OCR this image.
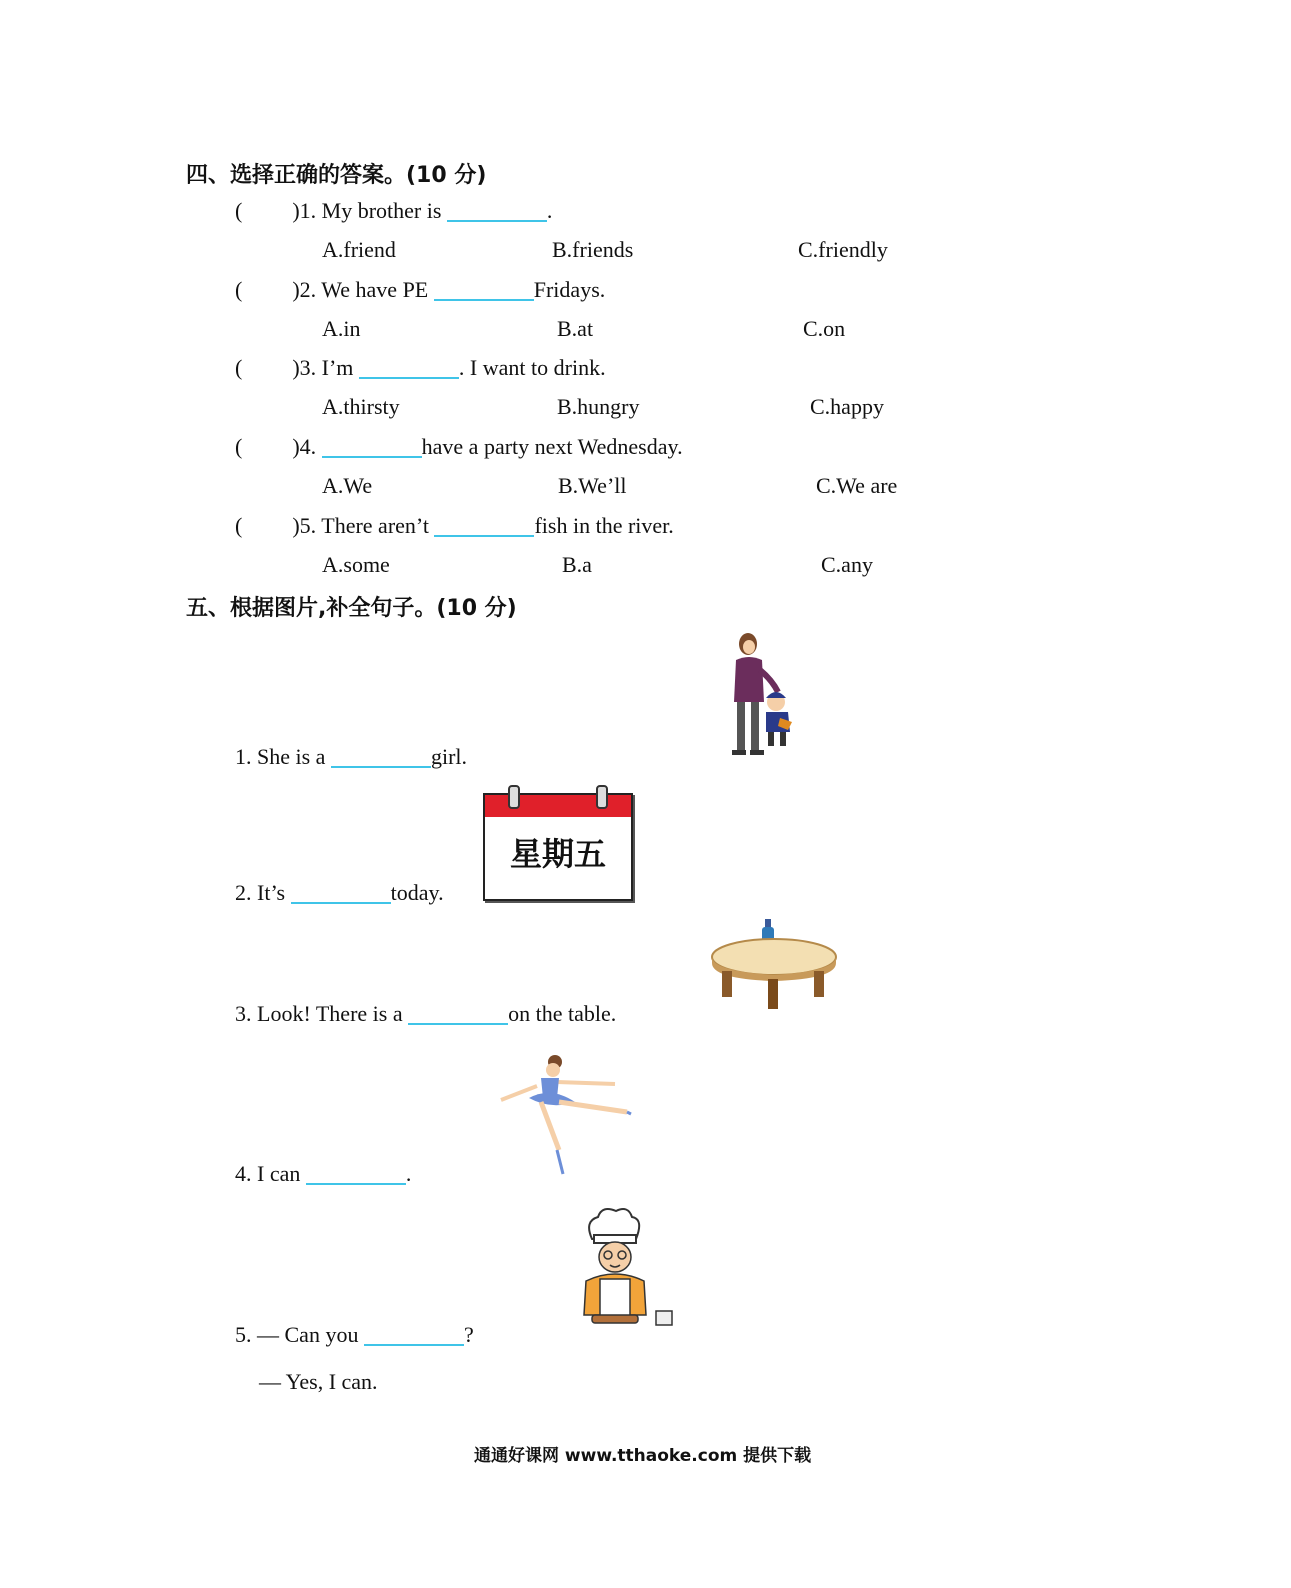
四、选择正确的答案。(10 分)
( )1. My brother is	.
A.friend	B.friends	C.friendly
( )2. We have PE	Fridays.
A.in	B.at	C.on
( )3. I’m	. I want to drink.
A.thirsty	B.hungry	C.happy
( )4.	have a party next Wednesday.
A.We	B.We’ll	C.We are
( )5. There aren’t	fish in the river.
A.some	B.a	C.any
五、根据图片,补全句子。(10 分)
1. She is a	girl.
2. It’s	today.
星期五
3. Look! There is a	on the table.
4. I can	.
5. — Can you	?
— Yes, I can.
通通好课网 www.tthaoke.com 提供下载
